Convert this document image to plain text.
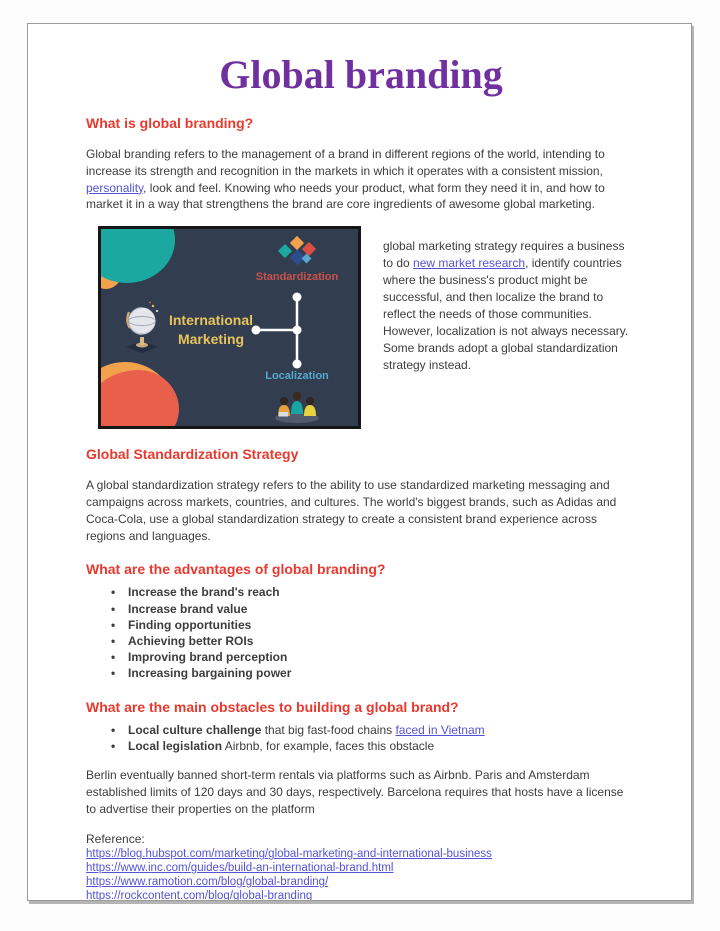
Global branding
What is global branding?

Global branding refers to the management of a brand in different regions of the world, intending to increase its strength and recognition in the markets in which it operates with a consistent mission, personality, look and feel. Knowing who needs your product, what form they need it in, and how to market it in a way that strengthens the brand are core ingredients of awesome global marketing.

International
Marketing
Standardization
Localization

global marketing strategy requires a business to do new market research, identify countries where the business's product might be successful, and then localize the brand to reflect the needs of those communities. However, localization is not always necessary. Some brands adopt a global standardization strategy instead.

Global Standardization Strategy

A global standardization strategy refers to the ability to use standardized marketing messaging and campaigns across markets, countries, and cultures. The world's biggest brands, such as Adidas and Coca-Cola, use a global standardization strategy to create a consistent brand experience across regions and languages.

What are the advantages of global branding?
• Increase the brand's reach
• Increase brand value
• Finding opportunities
• Achieving better ROIs
• Improving brand perception
• Increasing bargaining power
What are the main obstacles to building a global brand?
• Local culture challenge that big fast-food chains faced in Vietnam
• Local legislation Airbnb, for example, faces this obstacle

Berlin eventually banned short-term rentals via platforms such as Airbnb. Paris and Amsterdam established limits of 120 days and 30 days, respectively. Barcelona requires that hosts have a license to advertise their properties on the platform

Reference:

https://blog.hubspot.com/marketing/global-marketing-and-international-business
https://www.inc.com/guides/build-an-international-brand.html
https://www.ramotion.com/blog/global-branding/
https://rockcontent.com/blog/global-branding
